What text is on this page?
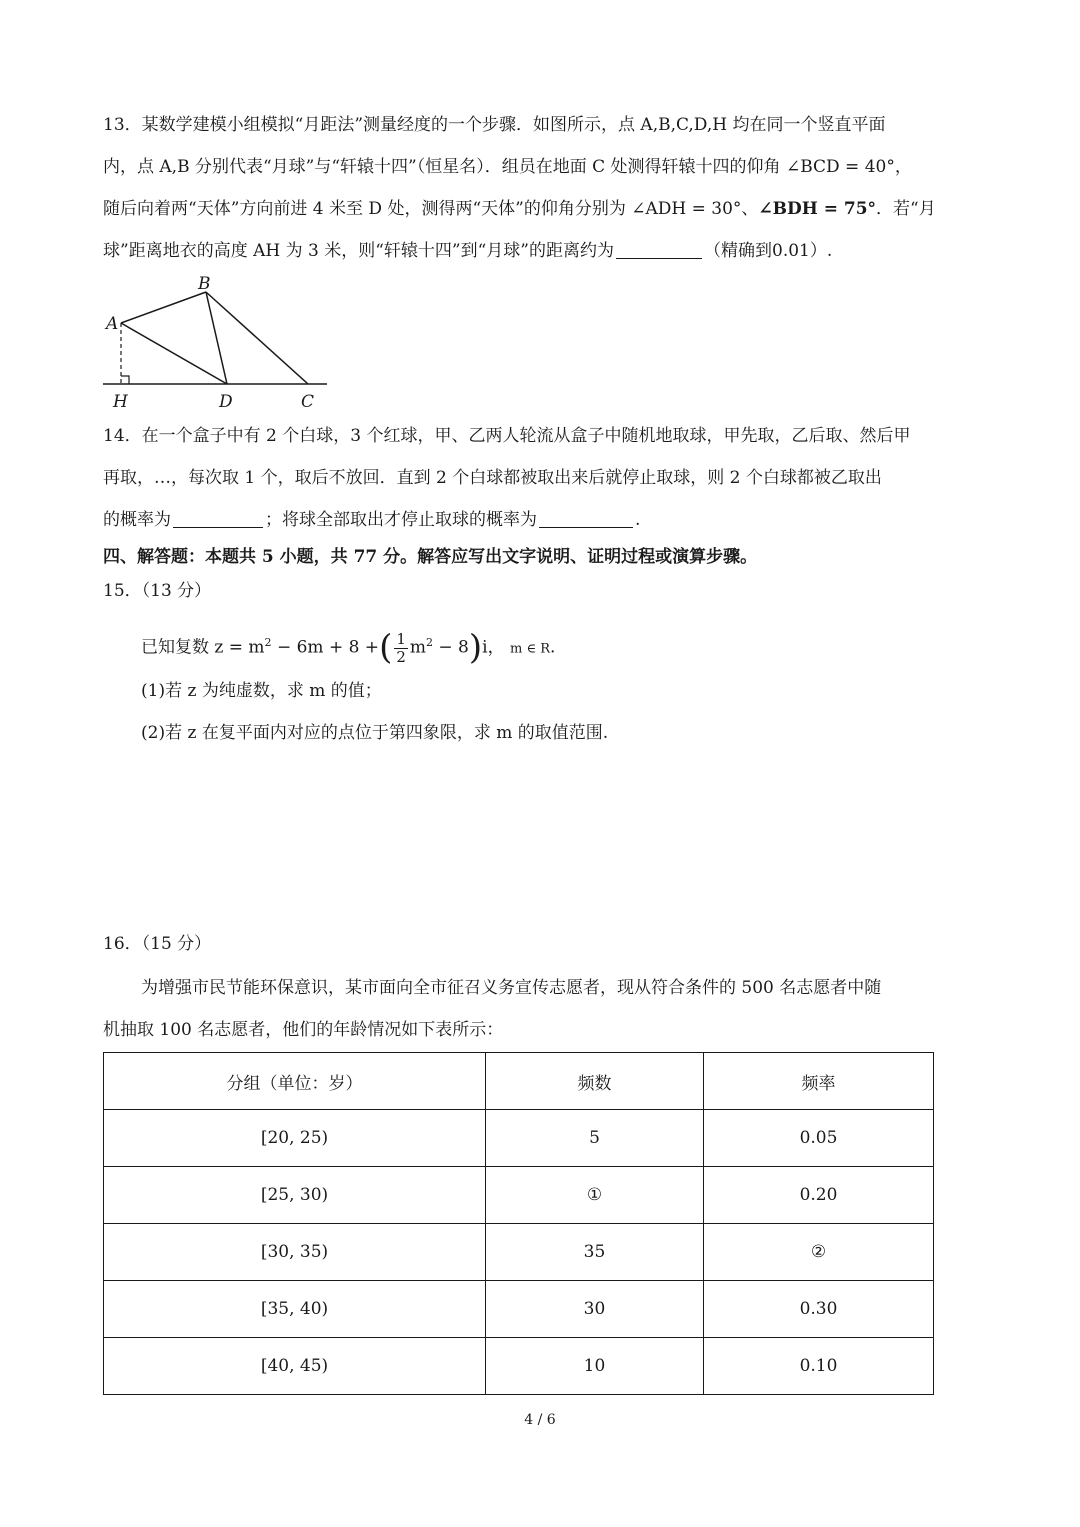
13．某数学建模小组模拟“月距法”测量经度的一个步骤．如图所示，点 A,B,C,D,H 均在同一个竖直平面
内，点 A,B 分别代表“月球”与“轩辕十四”（恒星名）．组员在地面 C 处测得轩辕十四的仰角 ∠BCD = 40°，
随后向着两“天体”方向前进 4 米至 D 处，测得两“天体”的仰角分别为 ∠ADH = 30°、∠BDH = 75°．若“月
球”距离地衣的高度 AH 为 3 米，则“轩辕十四”到“月球”的距离约为	（精确到0.01）.
A
B
H	D	C
14．在一个盒子中有 2 个白球，3 个红球，甲、乙两人轮流从盒子中随机地取球，甲先取，乙后取、然后甲
再取，…，每次取 1 个，取后不放回．直到 2 个白球都被取出来后就停止取球，则 2 个白球都被乙取出
的概率为	；将球全部取出才停止取球的概率为	.
四、解答题：本题共 5 小题，共 77 分。解答应写出文字说明、证明过程或演算步骤。
15．（13 分）
已知复数 $z = m^2 - 6m + 8$ +( $\frac{1}{2} m^2 - 8)i$， m ∈ R.
(1)若 z 为纯虚数，求 m 的值；
(2)若 z 在复平面内对应的点位于第四象限，求 m 的取值范围.
16．（15 分）
为增强市民节能环保意识，某市面向全市征召义务宣传志愿者，现从符合条件的 500 名志愿者中随
机抽取 100 名志愿者，他们的年龄情况如下表所示：
分组（单位：岁）	频数	频率
[20, 25)	5	0.05
[25, 30)	①	0.20
[30, 35)	35	②
[35, 40)	30	0.30
[40, 45)	10	0.10
4 / 6
